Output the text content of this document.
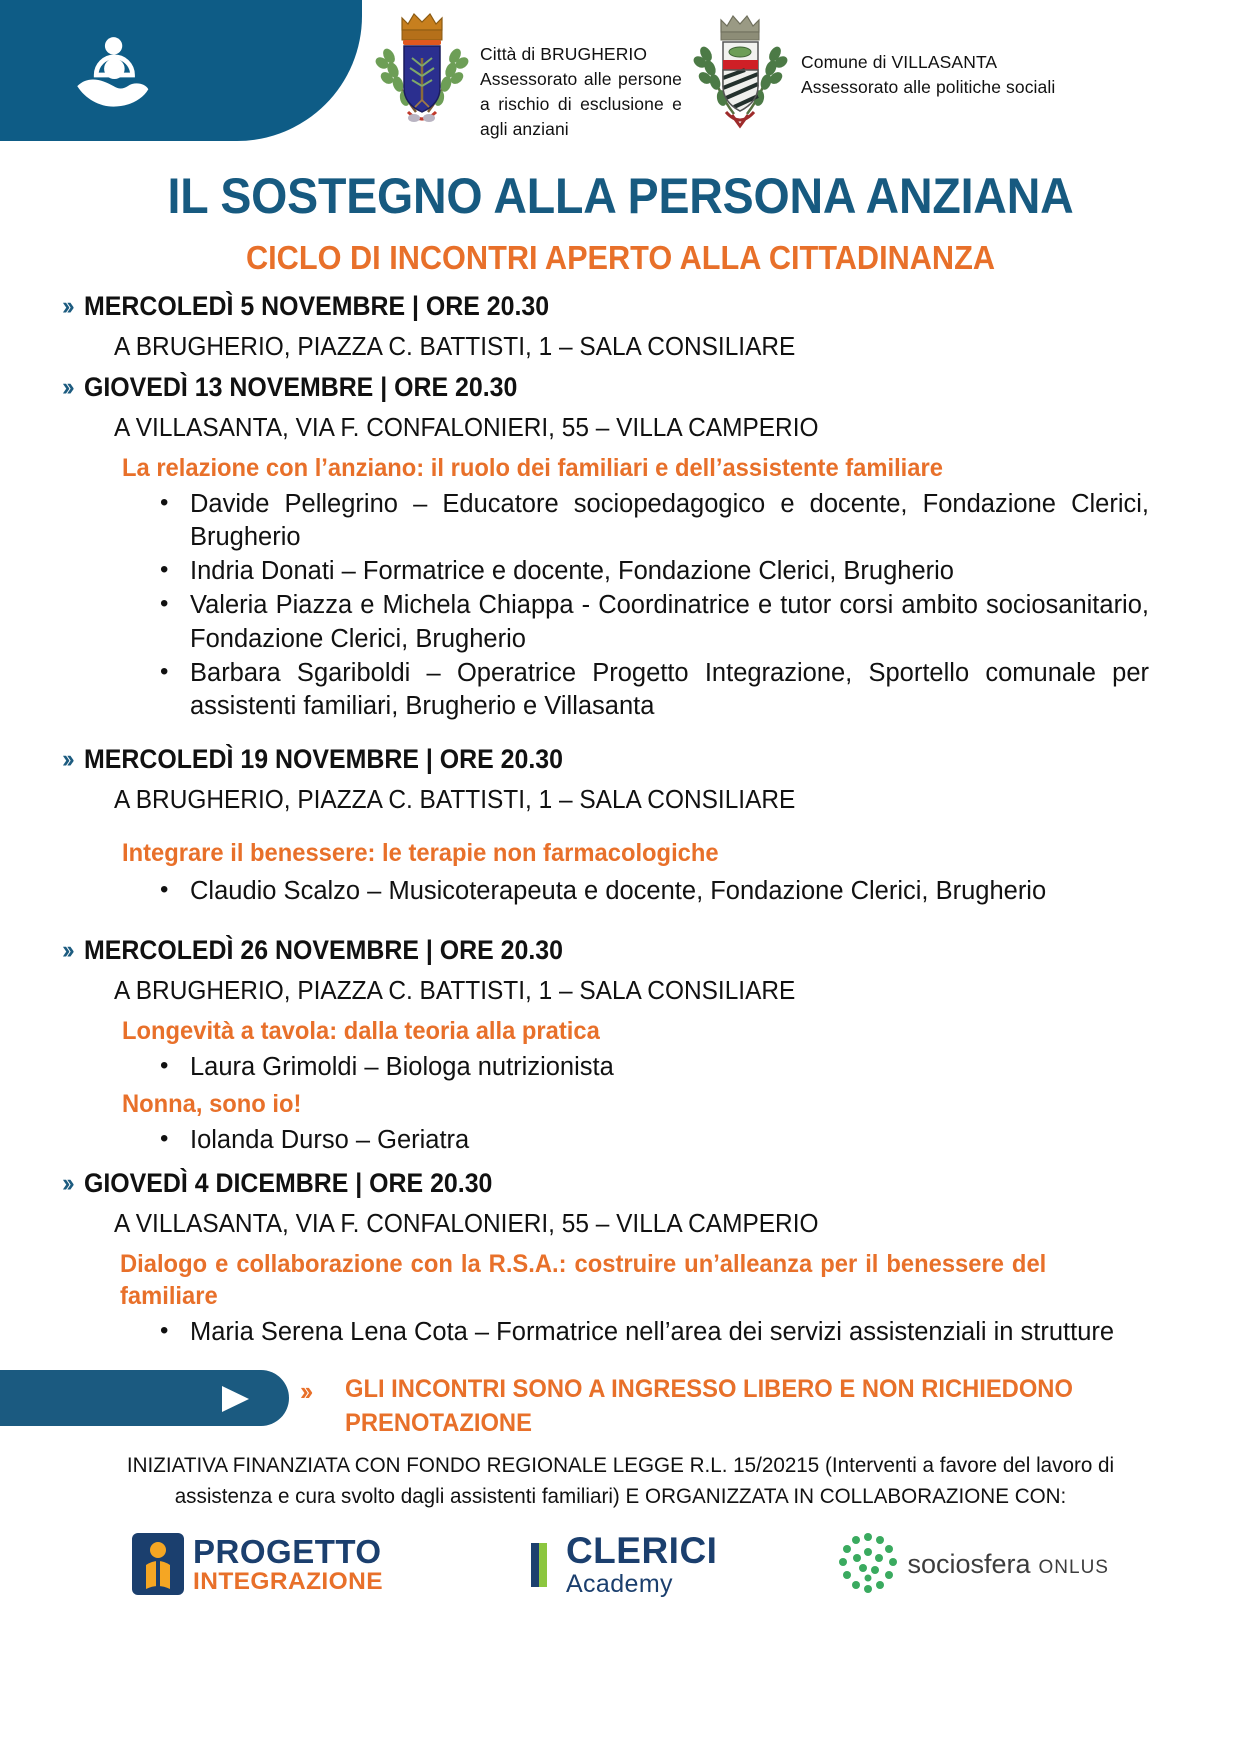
Città di BRUGHERIO
Assessorato alle persone
a rischio di esclusione e
agli anziani
Comune di VILLASANTA
Assessorato alle politiche sociali
IL SOSTEGNO ALLA PERSONA ANZIANA
CICLO DI INCONTRI APERTO ALLA CITTADINANZA
›› MERCOLEDÌ 5 NOVEMBRE | ORE 20.30
A BRUGHERIO, PIAZZA C. BATTISTI, 1 – SALA CONSILIARE
›› GIOVEDÌ 13 NOVEMBRE | ORE 20.30
A VILLASANTA, VIA F. CONFALONIERI, 55 – VILLA CAMPERIO
La relazione con l’anziano: il ruolo dei familiari e dell’assistente familiare
• Davide Pellegrino – Educatore sociopedagogico e docente, Fondazione Clerici, Brugherio
• Indria Donati – Formatrice e docente, Fondazione Clerici, Brugherio
• Valeria Piazza e Michela Chiappa - Coordinatrice e tutor corsi ambito sociosanitario, Fondazione Clerici, Brugherio
• Barbara Sgariboldi – Operatrice Progetto Integrazione, Sportello comunale per assistenti familiari, Brugherio e Villasanta
›› MERCOLEDÌ 19 NOVEMBRE | ORE 20.30
A BRUGHERIO, PIAZZA C. BATTISTI, 1 – SALA CONSILIARE
Integrare il benessere: le terapie non farmacologiche
• Claudio Scalzo – Musicoterapeuta e docente, Fondazione Clerici, Brugherio
›› MERCOLEDÌ 26 NOVEMBRE | ORE 20.30
A BRUGHERIO, PIAZZA C. BATTISTI, 1 – SALA CONSILIARE
Longevità a tavola: dalla teoria alla pratica
• Laura Grimoldi – Biologa nutrizionista
Nonna, sono io!
• Iolanda Durso – Geriatra
›› GIOVEDÌ 4 DICEMBRE | ORE 20.30
A VILLASANTA, VIA F. CONFALONIERI, 55 – VILLA CAMPERIO
Dialogo e collaborazione con la R.S.A.: costruire un’alleanza per il benessere del familiare
• Maria Serena Lena Cota – Formatrice nell’area dei servizi assistenziali in strutture
›› GLI INCONTRI SONO A INGRESSO LIBERO E NON RICHIEDONO PRENOTAZIONE
INIZIATIVA FINANZIATA CON FONDO REGIONALE LEGGE R.L. 15/20215 (Interventi a favore del lavoro di assistenza e cura svolto dagli assistenti familiari) E ORGANIZZATA IN COLLABORAZIONE CON:
PROGETTO
INTEGRAZIONE
CLERICI
Academy
sociosfera ONLUS
